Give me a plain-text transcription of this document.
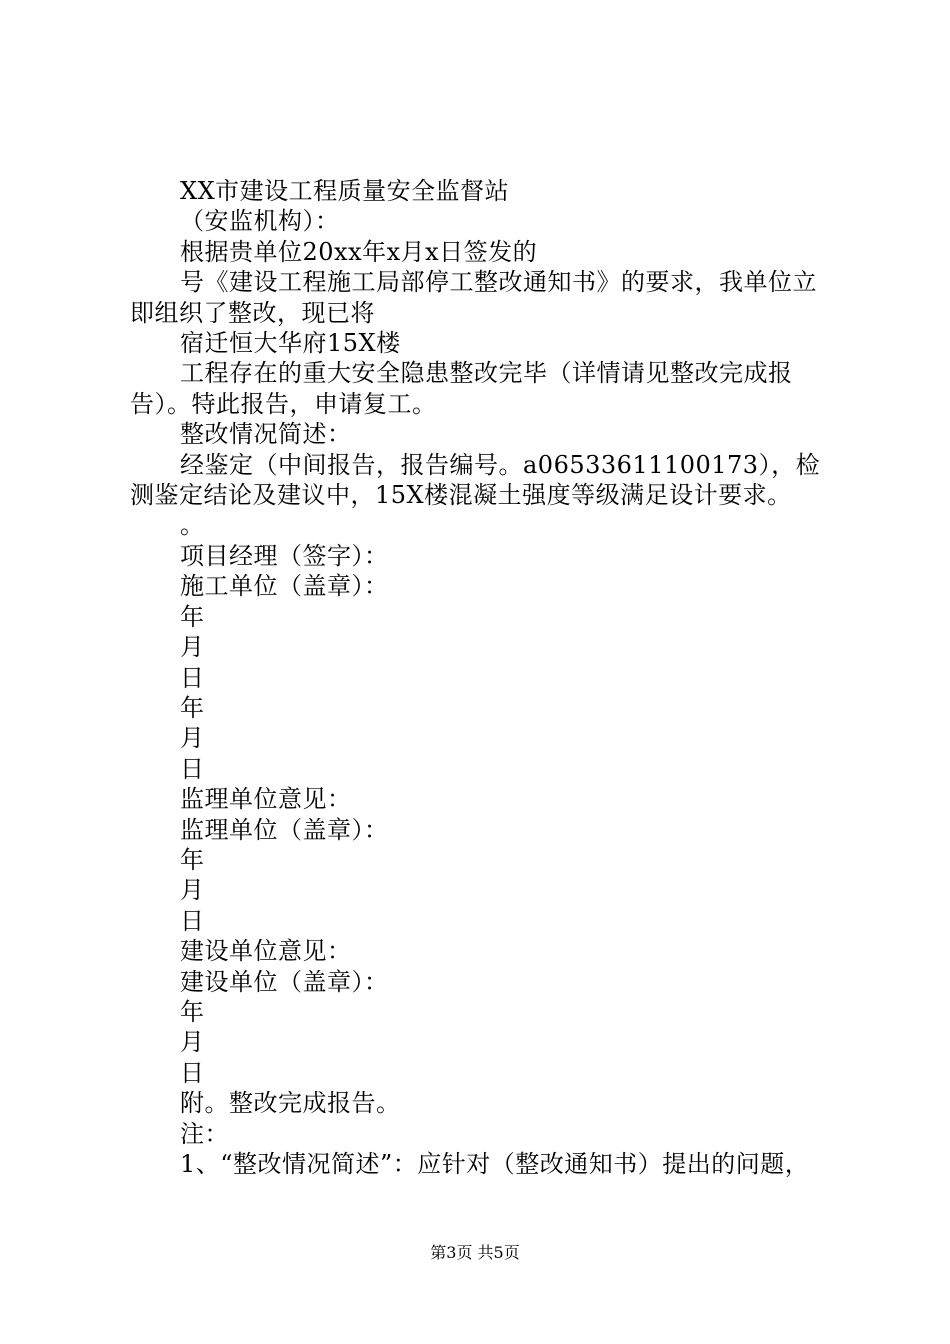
XX市建设工程质量安全监督站

（安监机构）：

根据贵单位20xx年x月x日签发的

号《建设工程施工局部停工整改通知书》的要求，我单位立即组织了整改，现已将

宿迁恒大华府15X楼

工程存在的重大安全隐患整改完毕（详情请见整改完成报告）。特此报告，申请复工。

整改情况简述：

经鉴定（中间报告，报告编号。a06533611100173），检测鉴定结论及建议中，15X楼混凝土强度等级满足设计要求。

。

项目经理（签字）：

施工单位（盖章）：

年

月

日

年

月

日

监理单位意见：

监理单位（盖章）：

年

月

日

建设单位意见：

建设单位（盖章）：

年

月

日

附。整改完成报告。

注：

1、“整改情况简述”：应针对（整改通知书）提出的问题，

第3页 共5页
